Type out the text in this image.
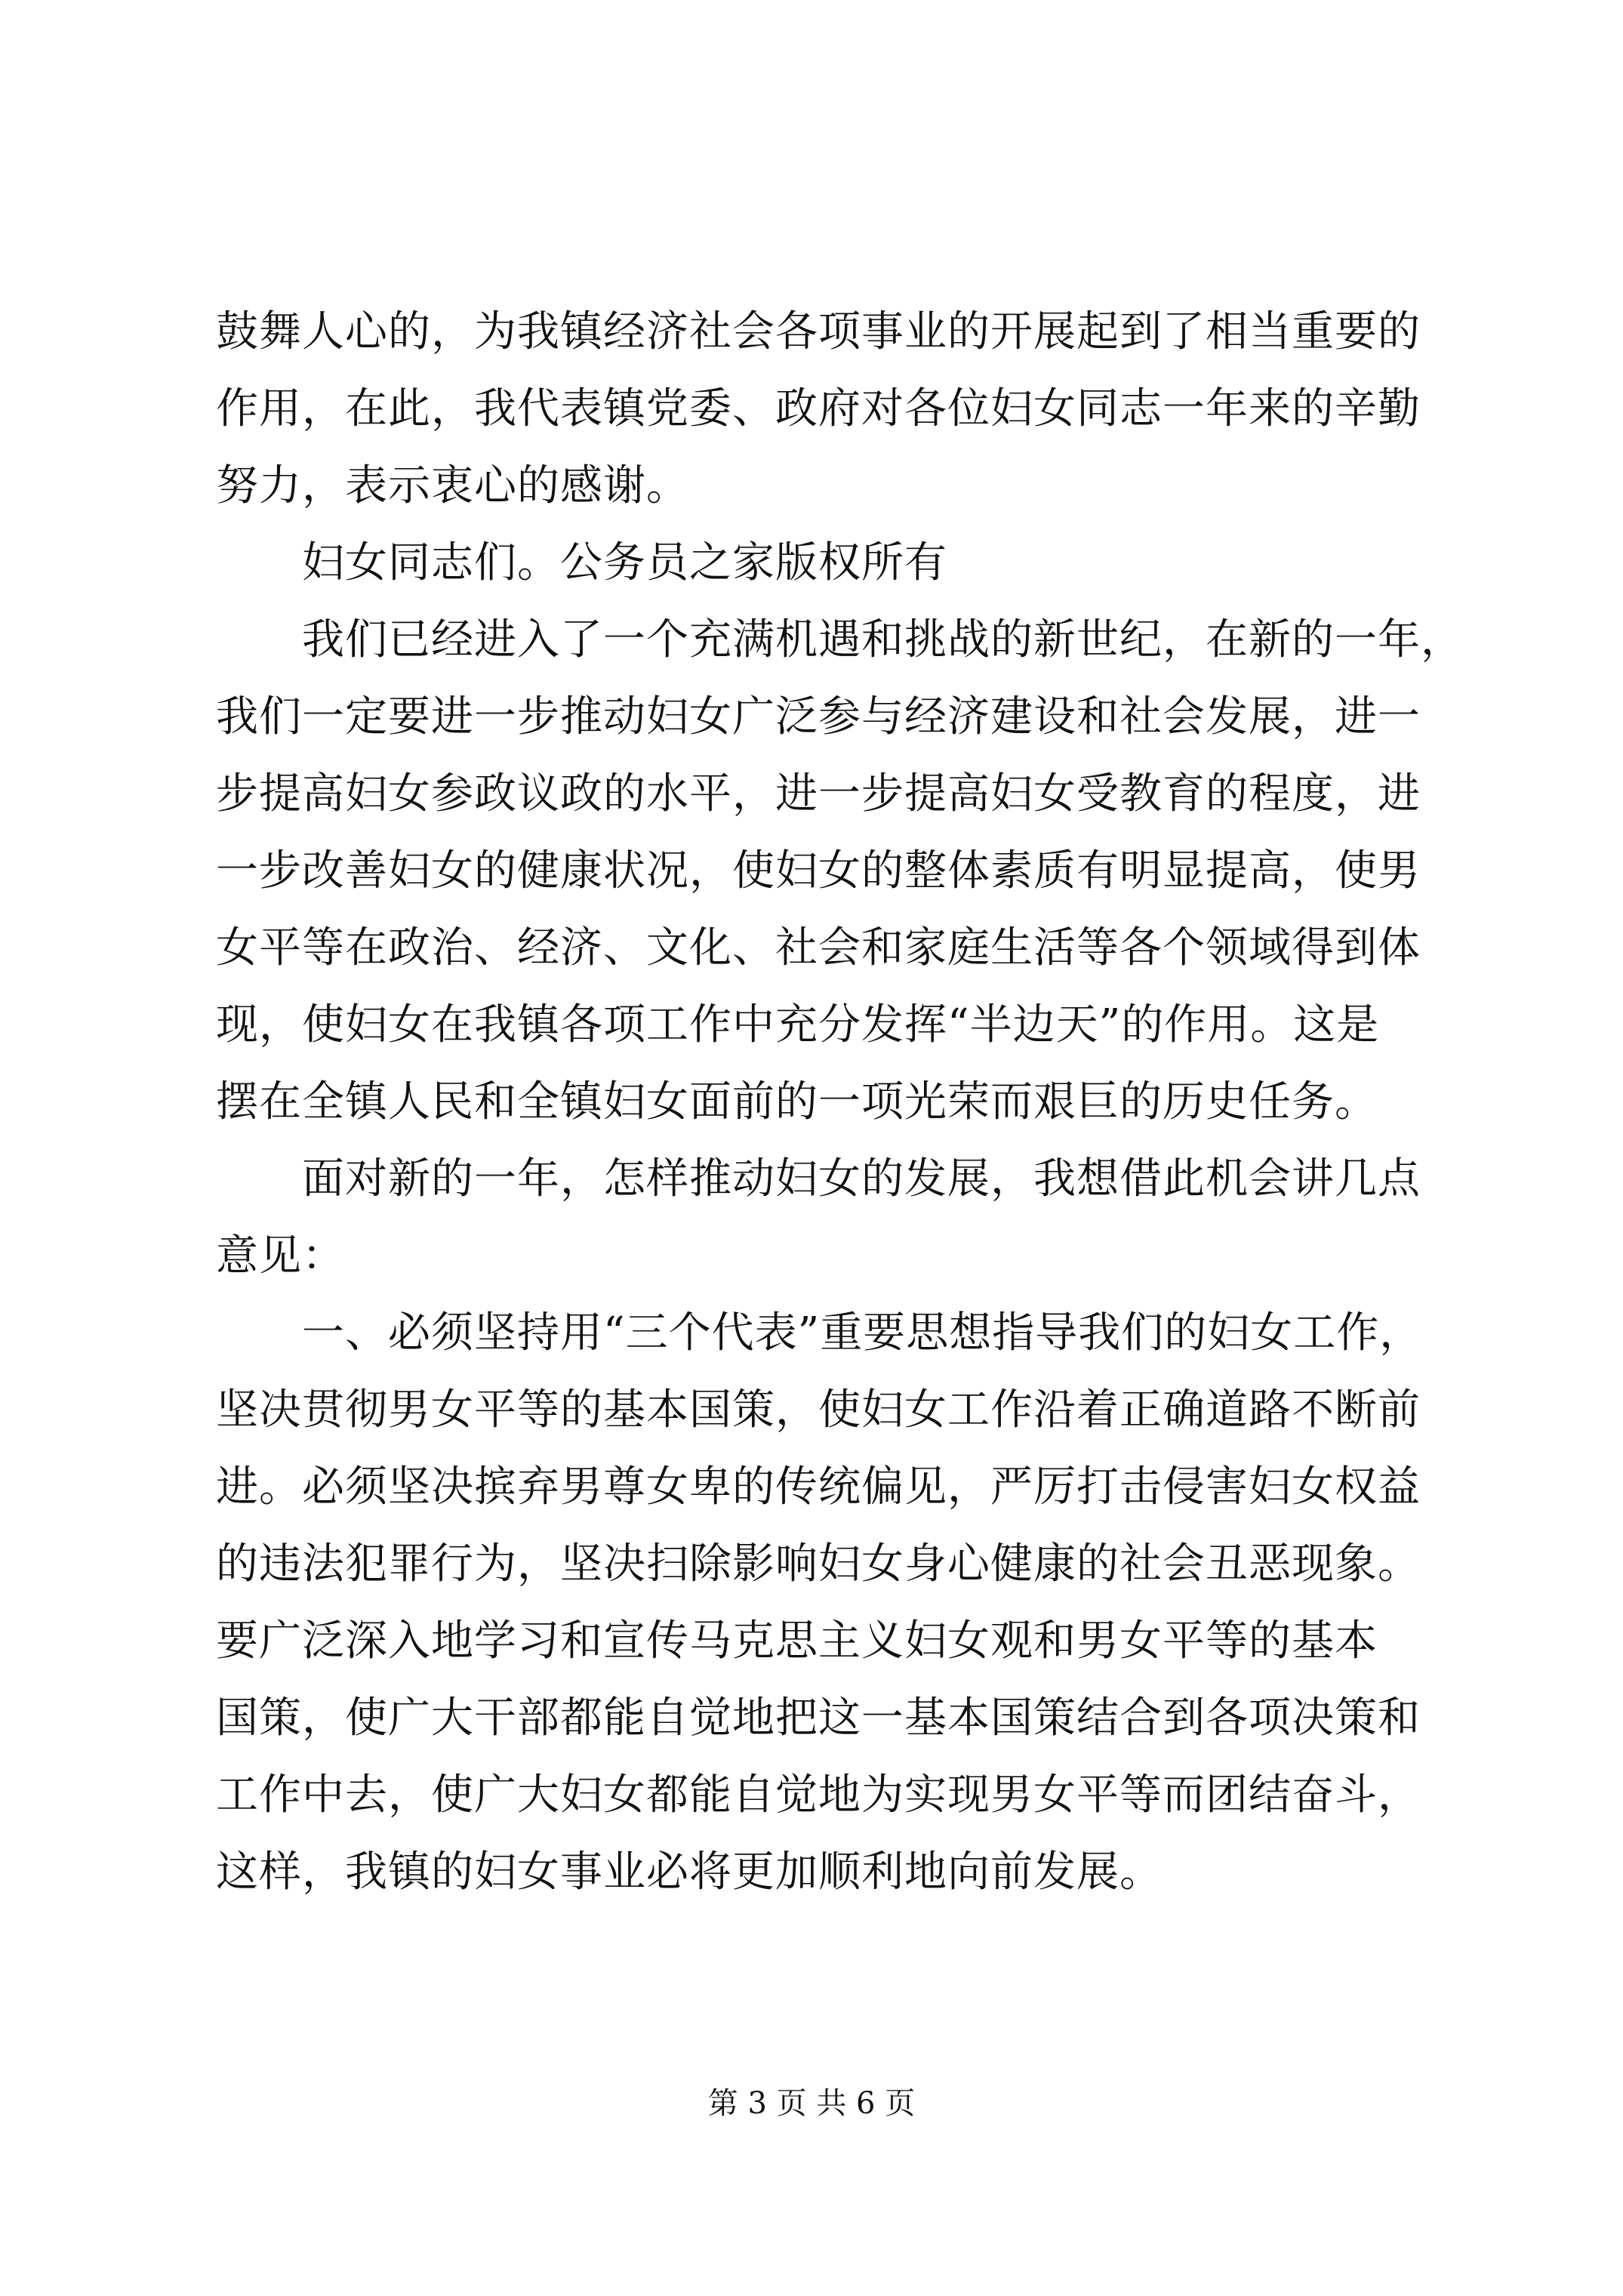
鼓舞人心的，为我镇经济社会各项事业的开展起到了相当重要的
作用，在此，我代表镇党委、政府对各位妇女同志一年来的辛勤
努力，表示衷心的感谢。
妇女同志们。公务员之家版权所有
我们已经进入了一个充满机遇和挑战的新世纪，在新的一年，
我们一定要进一步推动妇女广泛参与经济建设和社会发展，进一
步提高妇女参政议政的水平，进一步提高妇女受教育的程度，进
一步改善妇女的健康状况，使妇女的整体素质有明显提高，使男
女平等在政治、经济、文化、社会和家庭生活等各个领域得到体
现，使妇女在我镇各项工作中充分发挥“半边天”的作用。这是
摆在全镇人民和全镇妇女面前的一项光荣而艰巨的历史任务。
面对新的一年，怎样推动妇女的发展，我想借此机会讲几点
意见：
一、必须坚持用“三个代表”重要思想指导我们的妇女工作，
坚决贯彻男女平等的基本国策，使妇女工作沿着正确道路不断前
进。必须坚决摈弃男尊女卑的传统偏见，严厉打击侵害妇女权益
的违法犯罪行为，坚决扫除影响妇女身心健康的社会丑恶现象。
要广泛深入地学习和宣传马克思主义妇女观和男女平等的基本
国策，使广大干部都能自觉地把这一基本国策结合到各项决策和
工作中去，使广大妇女都能自觉地为实现男女平等而团结奋斗，
这样，我镇的妇女事业必将更加顺利地向前发展。
第 3 页 共 6 页
